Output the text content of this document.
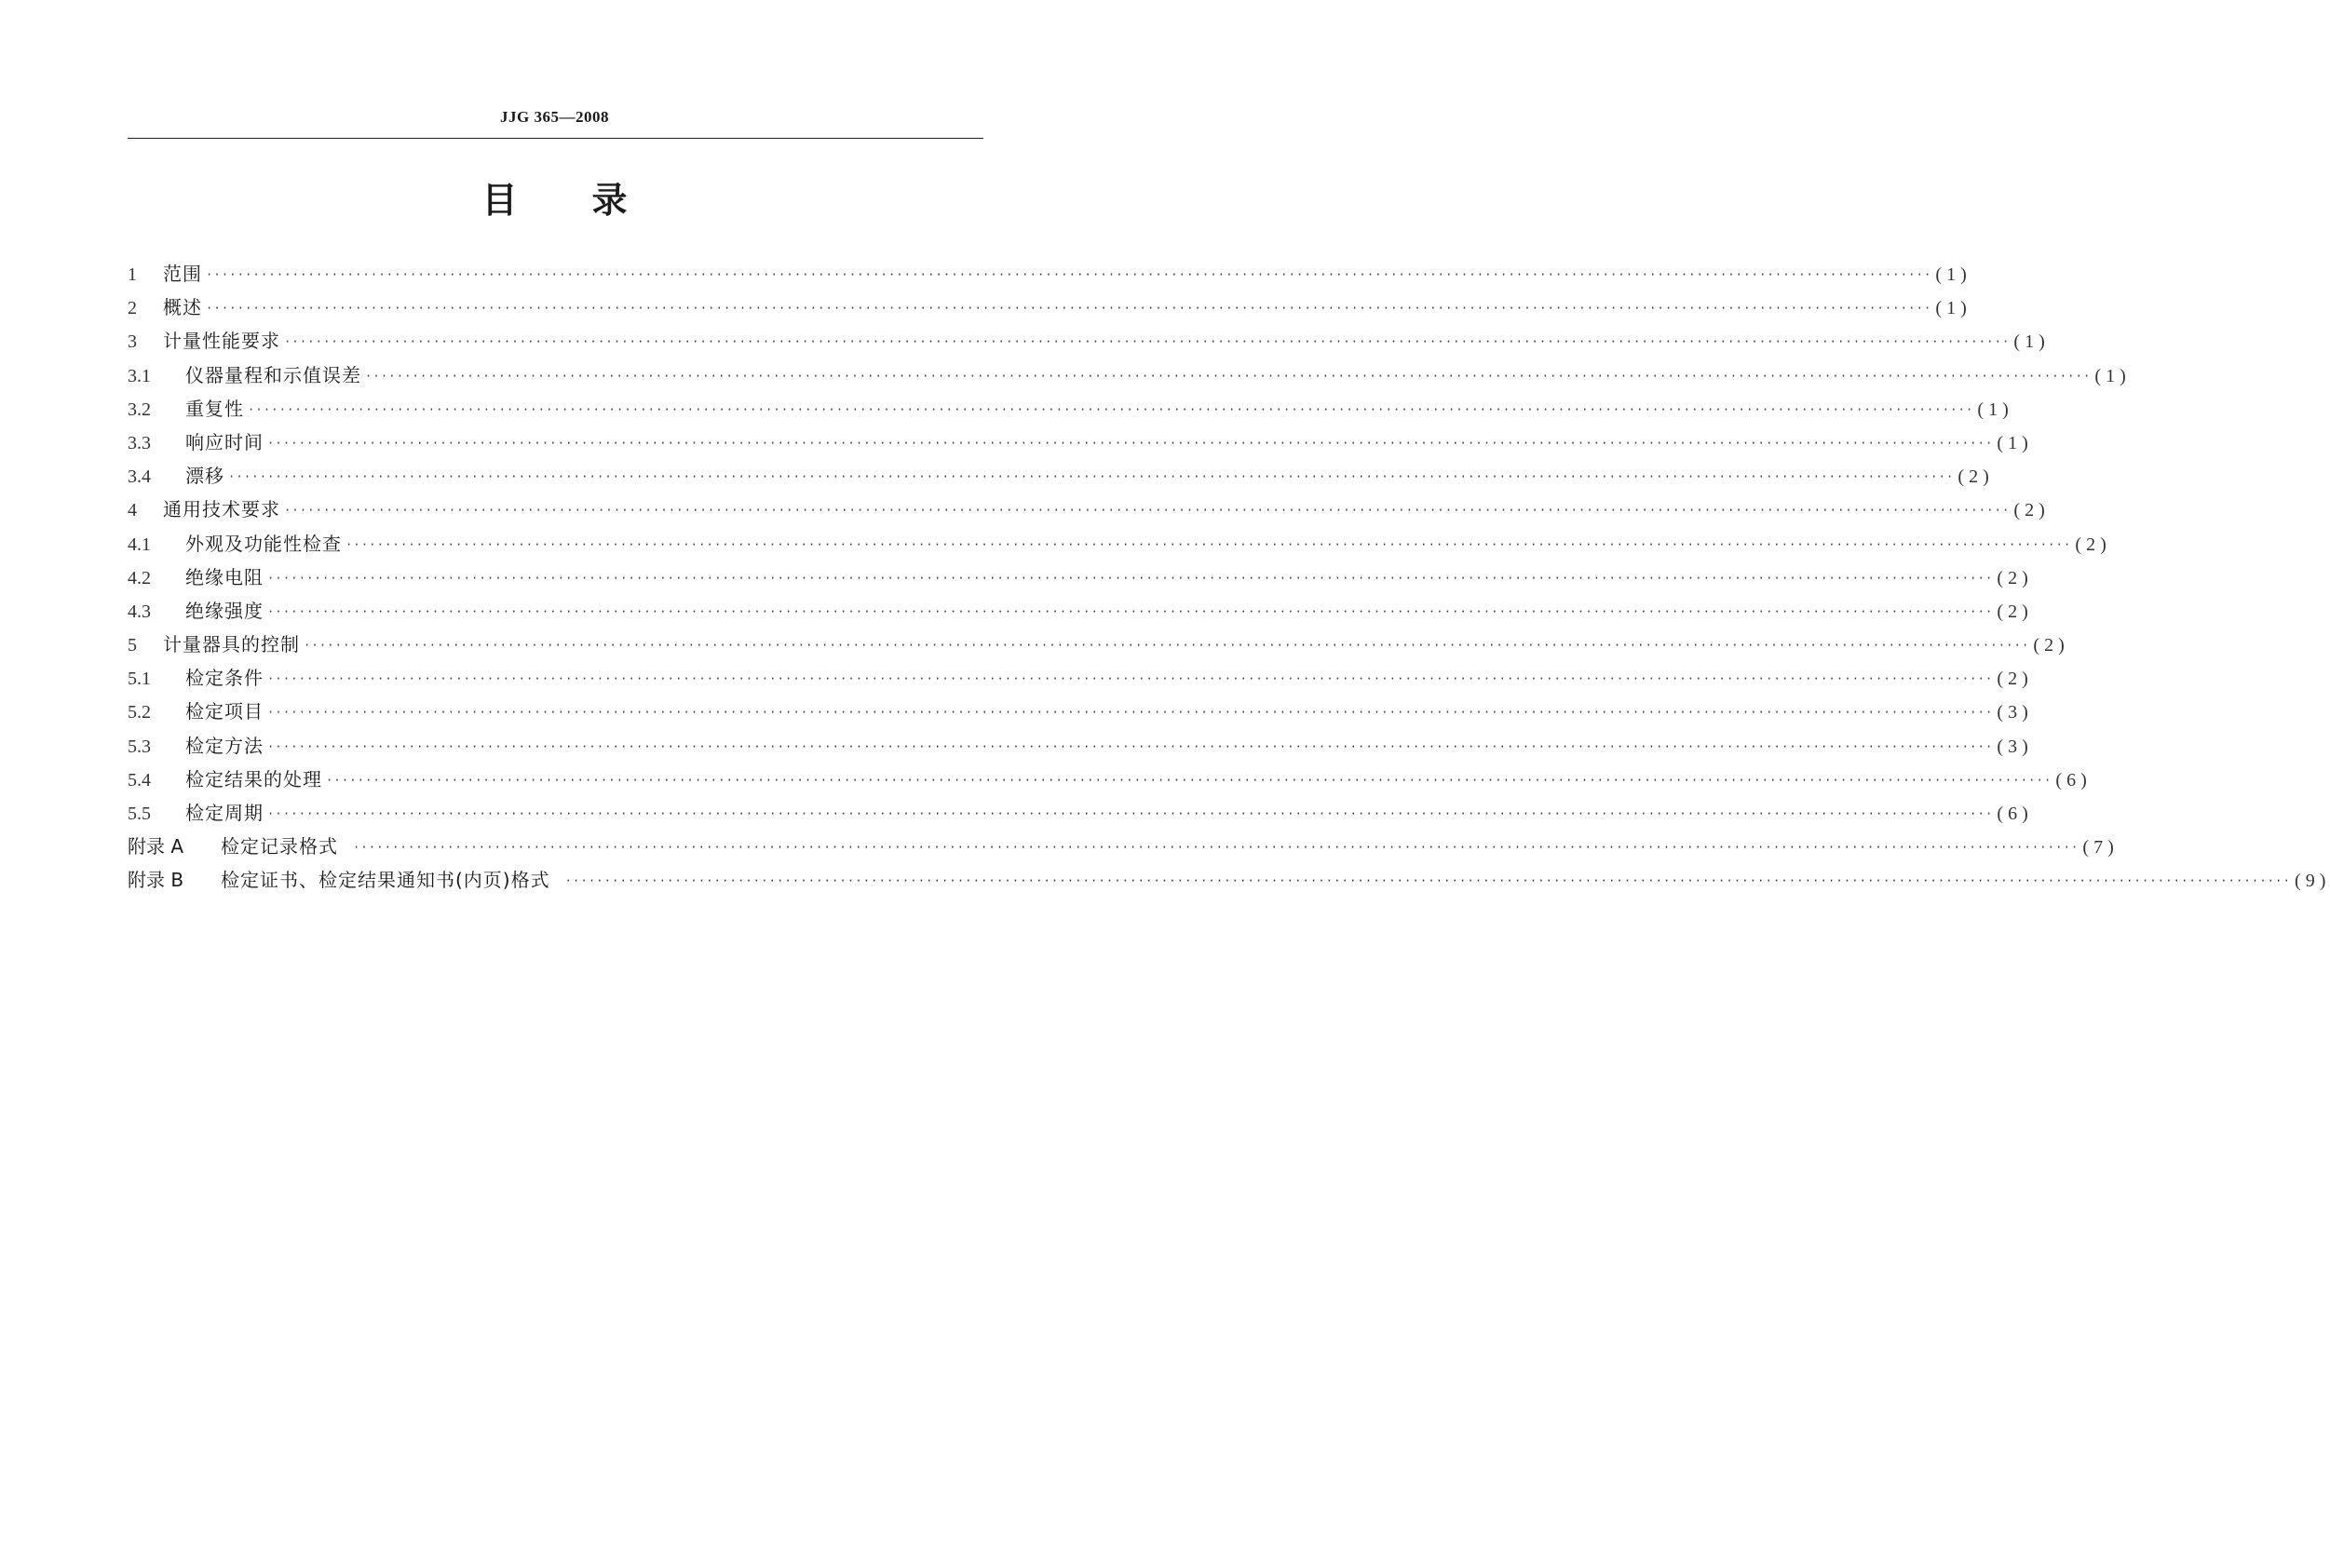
JJG 365—2008
目 录
1	范围 ···························································································································································································································· (1)
2	概述 ···························································································································································································································· (1)
3	计量性能要求 ···························································································································································································································· (1)
3.1	仪器量程和示值误差 ···························································································································································································································· (1)
3.2	重复性 ···························································································································································································································· (1)
3.3	响应时间 ···························································································································································································································· (1)
3.4	漂移 ···························································································································································································································· (2)
4	通用技术要求 ···························································································································································································································· (2)
4.1	外观及功能性检查 ···························································································································································································································· (2)
4.2	绝缘电阻 ···························································································································································································································· (2)
4.3	绝缘强度 ···························································································································································································································· (2)
5	计量器具的控制 ···························································································································································································································· (2)
5.1	检定条件 ···························································································································································································································· (2)
5.2	检定项目 ···························································································································································································································· (3)
5.3	检定方法 ···························································································································································································································· (3)
5.4	检定结果的处理 ···························································································································································································································· (6)
5.5	检定周期 ···························································································································································································································· (6)
附录 A	检定记录格式	···························································································································································································································· (7)
附录 B	检定证书、检定结果通知书(内页)格式	···························································································································································································································· (9)
